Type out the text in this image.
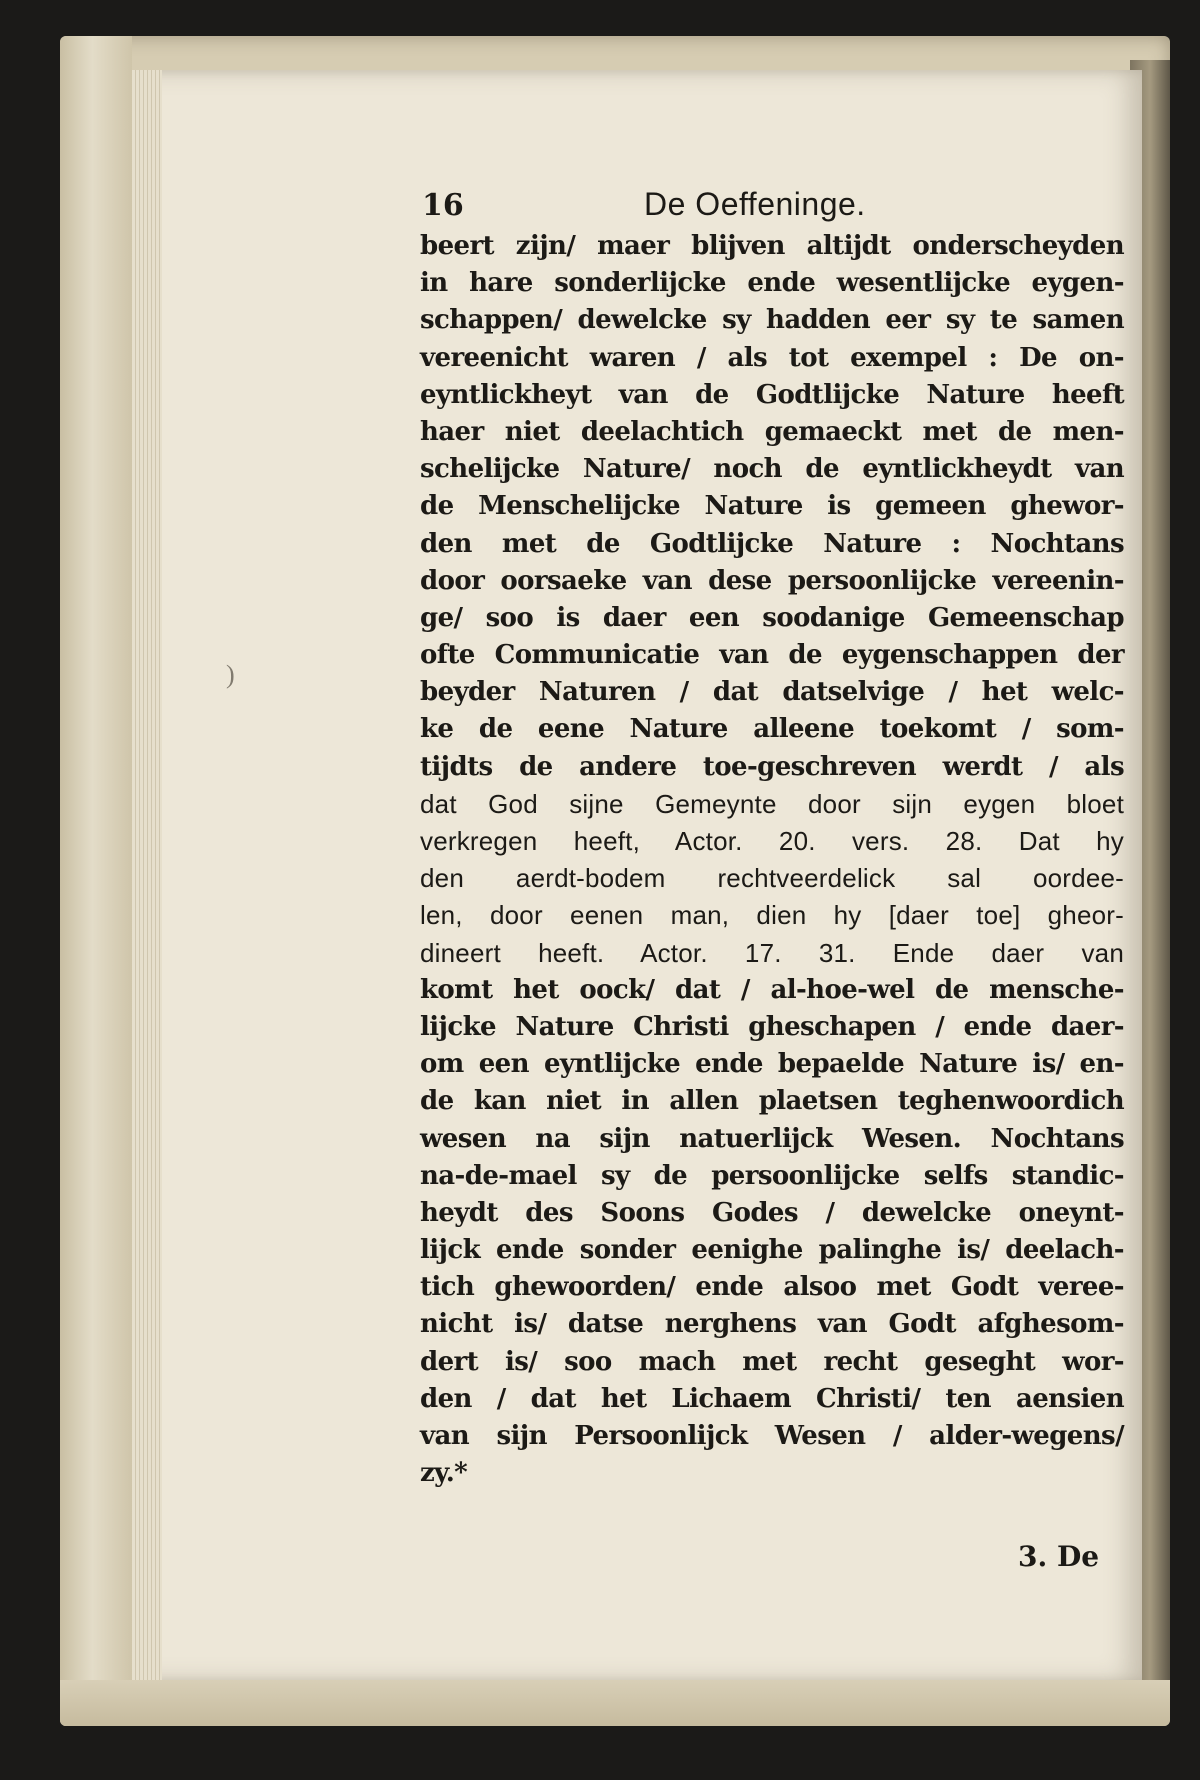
)
16	De Oeffeninge.
beert zijn/ maer blijven altijdt onderscheyden
in hare sonderlijcke ende wesentlijcke eygen-
schappen/ dewelcke sy hadden eer sy te samen
vereenicht waren / als tot exempel : De on-
eyntlickheyt van de Godtlijcke Nature heeft
haer niet deelachtich gemaeckt met de men-
schelijcke Nature/ noch de eyntlickheydt van
de Menschelijcke Nature is gemeen ghewor-
den met de Godtlijcke Nature : Nochtans
door oorsaeke van dese persoonlijcke vereenin-
ge/ soo is daer een soodanige Gemeenschap
ofte Communicatie van de eygenschappen der
beyder Naturen / dat datselvige / het welc-
ke de eene Nature alleene toekomt / som-
tijdts de andere toe-geschreven werdt / als
dat God sijne Gemeynte door sijn eygen bloet
verkregen heeft, Actor. 20. vers. 28. Dat hy
den aerdt-bodem rechtveerdelick sal oordee-
len, door eenen man, dien hy [daer toe] gheor-
dineert heeft. Actor. 17. 31. Ende daer van
komt het oock/ dat / al-hoe-wel de mensche-
lijcke Nature Christi gheschapen / ende daer-
om een eyntlijcke ende bepaelde Nature is/ en-
de kan niet in allen plaetsen teghenwoordich
wesen na sijn natuerlijck Wesen. Nochtans
na-de-mael sy de persoonlijcke selfs standic-
heydt des Soons Godes / dewelcke oneynt-
lijck ende sonder eenighe palinghe is/ deelach-
tich ghewoorden/ ende alsoo met Godt veree-
nicht is/ datse nerghens van Godt afghesom-
dert is/ soo mach met recht geseght wor-
den / dat het Lichaem Christi/ ten aensien
van sijn Persoonlijck Wesen / alder-wegens/
zy.*
3. De
